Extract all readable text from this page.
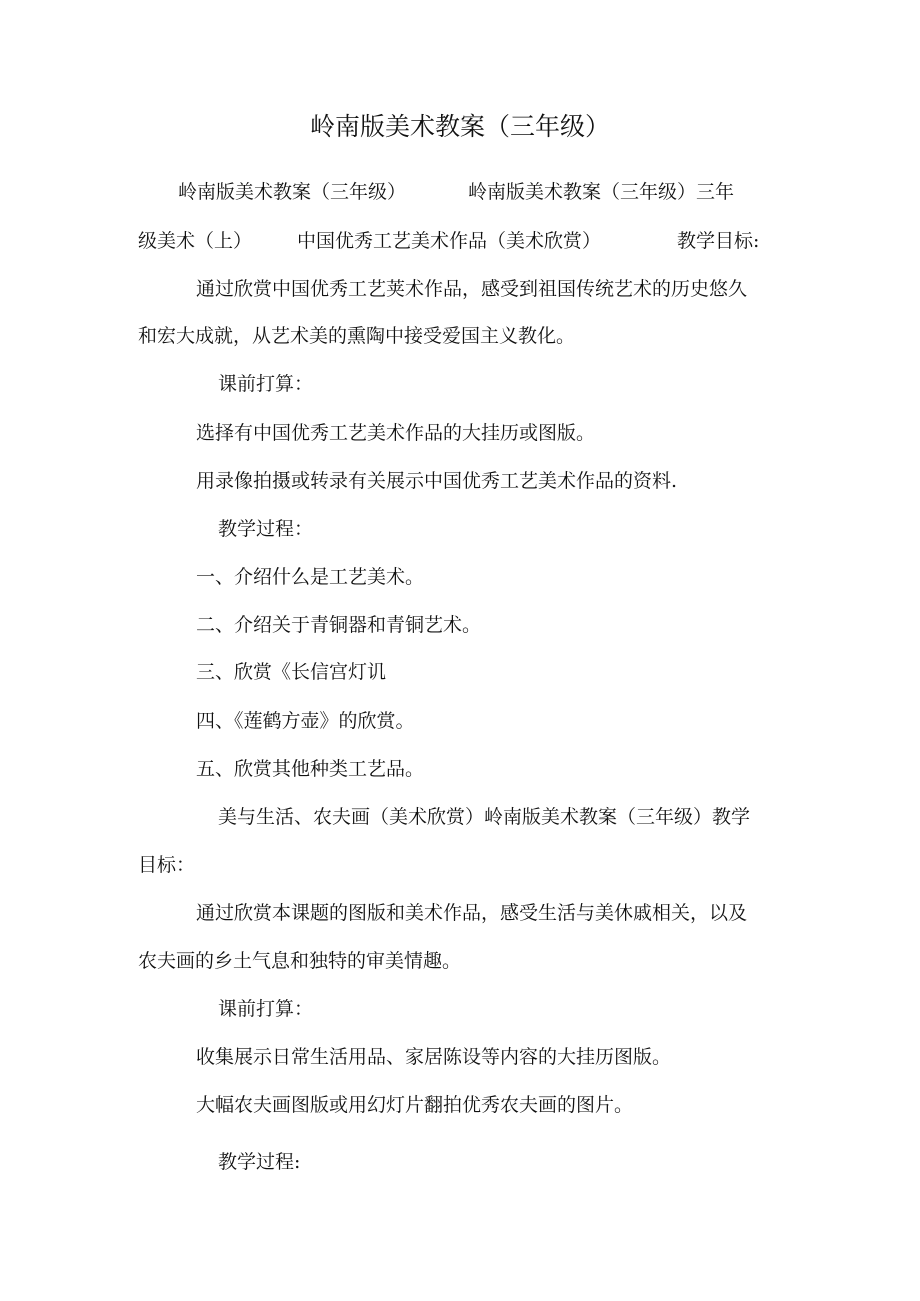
岭南版美术教案（三年级）
岭南版美术教案（三年级）	岭南版美术教案（三年级）三年
级美术（上） 中国优秀工艺美术作品（美术欣赏）	教学目标:
通过欣赏中国优秀工艺荚术作品，感受到祖国传统艺术的历史悠久
和宏大成就，从艺术美的熏陶中接受爱国主义教化。
课前打算：
选择有中国优秀工艺美术作品的大挂历或图版。
用录像拍摄或转录有关展示中国优秀工艺美术作品的资料.
教学过程：
一、介绍什么是工艺美术。
二、介绍关于青铜器和青铜艺术。
三、欣赏《长信宫灯讥
四、《莲鹤方壶》的欣赏。
五、欣赏其他种类工艺品。
美与生活、农夫画（美术欣赏）岭南版美术教案（三年级）教学
目标：
通过欣赏本课题的图版和美术作品，感受生活与美休戚相关，以及
农夫画的乡土气息和独特的审美情趣。
课前打算：
收集展示日常生活用品、家居陈设等内容的大挂历图版。
大幅农夫画图版或用幻灯片翻拍优秀农夫画的图片。
教学过程:
